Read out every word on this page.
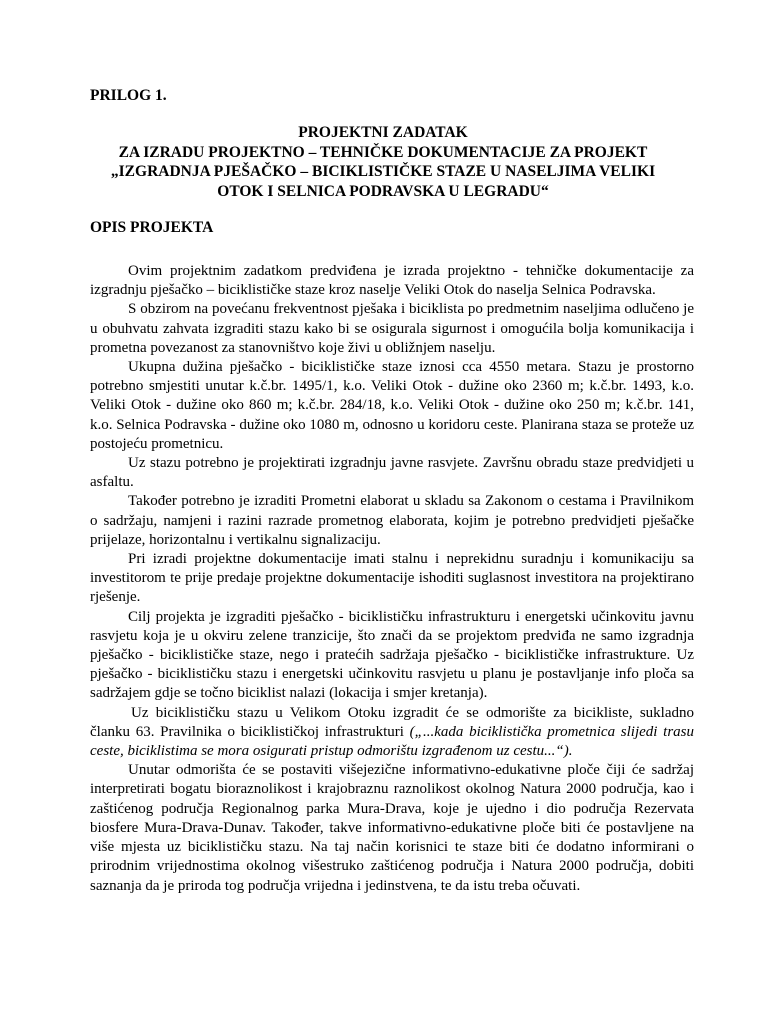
PRILOG 1.

PROJEKTNI ZADATAK
ZA IZRADU PROJEKTNO – TEHNIČKE DOKUMENTACIJE ZA PROJEKT
„IZGRADNJA PJEŠAČKO – BICIKLISTIČKE STAZE U NASELJIMA VELIKI
OTOK I SELNICA PODRAVSKA U LEGRADU“

OPIS PROJEKTA

Ovim projektnim zadatkom predviđena je izrada projektno - tehničke dokumentacije za izgradnju pješačko – biciklističke staze kroz naselje Veliki Otok do naselja Selnica Podravska.

S obzirom na povećanu frekventnost pješaka i biciklista po predmetnim naseljima odlučeno je u obuhvatu zahvata izgraditi stazu kako bi se osigurala sigurnost i omogućila bolja komunikacija i prometna povezanost za stanovništvo koje živi u obližnjem naselju.

Ukupna dužina pješačko - biciklističke staze iznosi cca 4550 metara. Stazu je prostorno potrebno smjestiti unutar k.č.br. 1495/1, k.o. Veliki Otok - dužine oko 2360 m; k.č.br. 1493, k.o. Veliki Otok - dužine oko 860 m; k.č.br. 284/18, k.o. Veliki Otok - dužine oko 250 m; k.č.br. 141, k.o. Selnica Podravska - dužine oko 1080 m, odnosno u koridoru ceste. Planirana staza se proteže uz postojeću prometnicu.

Uz stazu potrebno je projektirati izgradnju javne rasvjete. Završnu obradu staze predvidjeti u asfaltu.

Također potrebno je izraditi Prometni elaborat u skladu sa Zakonom o cestama i Pravilnikom o sadržaju, namjeni i razini razrade prometnog elaborata, kojim je potrebno predvidjeti pješačke prijelaze, horizontalnu i vertikalnu signalizaciju.

Pri izradi projektne dokumentacije imati stalnu i neprekidnu suradnju i komunikaciju sa investitorom te prije predaje projektne dokumentacije ishoditi suglasnost investitora na projektirano rješenje.

Cilj projekta je izgraditi pješačko - biciklističku infrastrukturu i energetski učinkovitu javnu rasvjetu koja je u okviru zelene tranzicije, što znači da se projektom predviđa ne samo izgradnja pješačko - biciklističke staze, nego i pratećih sadržaja pješačko - biciklističke infrastrukture. Uz pješačko - biciklističku stazu i energetski učinkovitu rasvjetu u planu je postavljanje info ploča sa sadržajem gdje se točno biciklist nalazi (lokacija i smjer kretanja).

Uz biciklističku stazu u Velikom Otoku izgradit će se odmorište za bicikliste, sukladno članku 63. Pravilnika o biciklističkoj infrastrukturi („...kada biciklistička prometnica slijedi trasu ceste, biciklistima se mora osigurati pristup odmorištu izgrađenom uz cestu...“).

Unutar odmorišta će se postaviti višejezične informativno-edukativne ploče čiji će sadržaj interpretirati bogatu bioraznolikost i krajobraznu raznolikost okolnog Natura 2000 područja, kao i zaštićenog područja Regionalnog parka Mura-Drava, koje je ujedno i dio područja Rezervata biosfere Mura-Drava-Dunav. Također, takve informativno-edukativne ploče biti će postavljene na više mjesta uz biciklističku stazu. Na taj način korisnici te staze biti će dodatno informirani o prirodnim vrijednostima okolnog višestruko zaštićenog područja i Natura 2000 područja, dobiti saznanja da je priroda tog područja vrijedna i jedinstvena, te da istu treba očuvati.
